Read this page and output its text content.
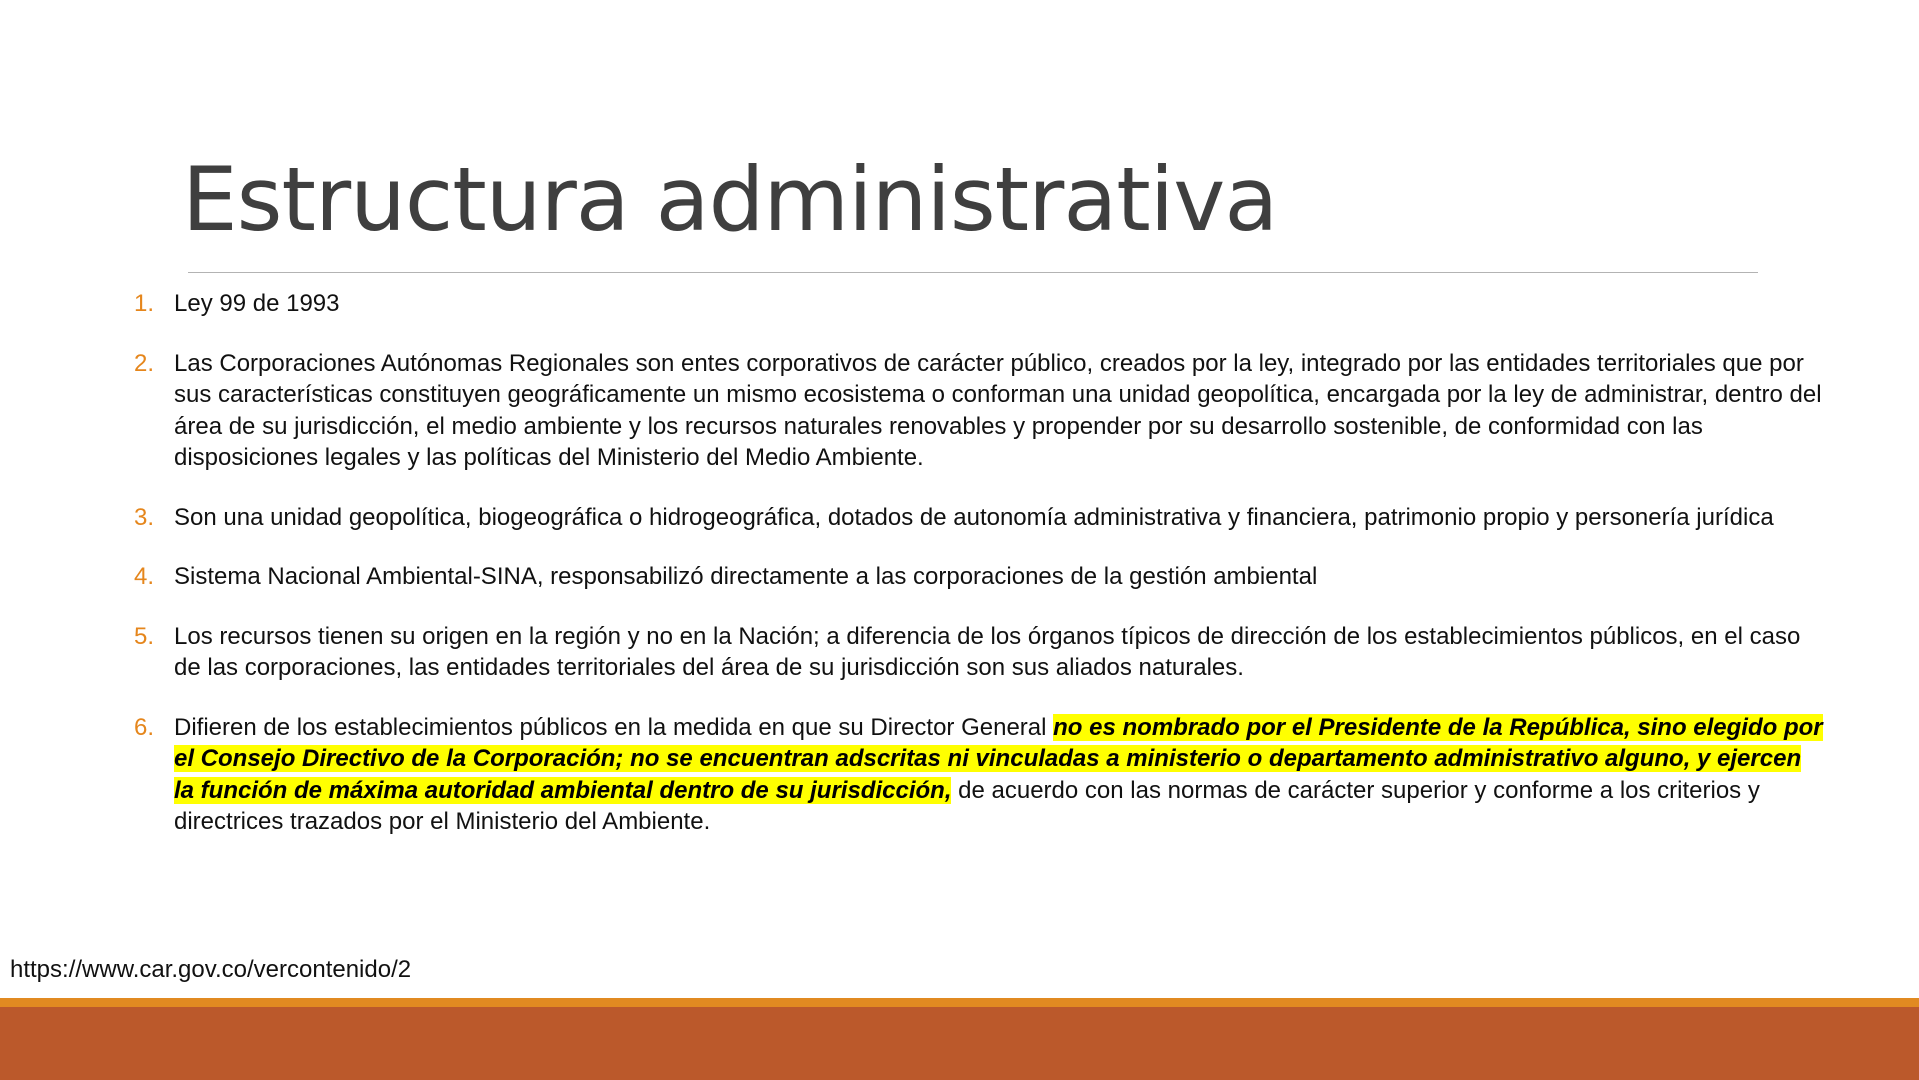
Estructura administrativa
1. Ley 99 de 1993
2. Las Corporaciones Autónomas Regionales son entes corporativos de carácter público, creados por la ley, integrado por las entidades territoriales que por sus características constituyen geográficamente un mismo ecosistema o conforman una unidad geopolítica, encargada por la ley de administrar, dentro del área de su jurisdicción, el medio ambiente y los recursos naturales renovables y propender por su desarrollo sostenible, de conformidad con las disposiciones legales y las políticas del Ministerio del Medio Ambiente.
3. Son una unidad geopolítica, biogeográfica o hidrogeográfica, dotados de autonomía administrativa y financiera, patrimonio propio y personería jurídica
4. Sistema Nacional Ambiental-SINA, responsabilizó directamente a las corporaciones de la gestión ambiental
5. Los recursos tienen su origen en la región y no en la Nación; a diferencia de los órganos típicos de dirección de los establecimientos públicos, en el caso de las corporaciones, las entidades territoriales del área de su jurisdicción son sus aliados naturales.
6. Difieren de los establecimientos públicos en la medida en que su Director General no es nombrado por el Presidente de la República, sino elegido por el Consejo Directivo de la Corporación; no se encuentran adscritas ni vinculadas a ministerio o departamento administrativo alguno, y ejercen la función de máxima autoridad ambiental dentro de su jurisdicción, de acuerdo con las normas de carácter superior y conforme a los criterios y directrices trazados por el Ministerio del Ambiente.
https://www.car.gov.co/vercontenido/2
